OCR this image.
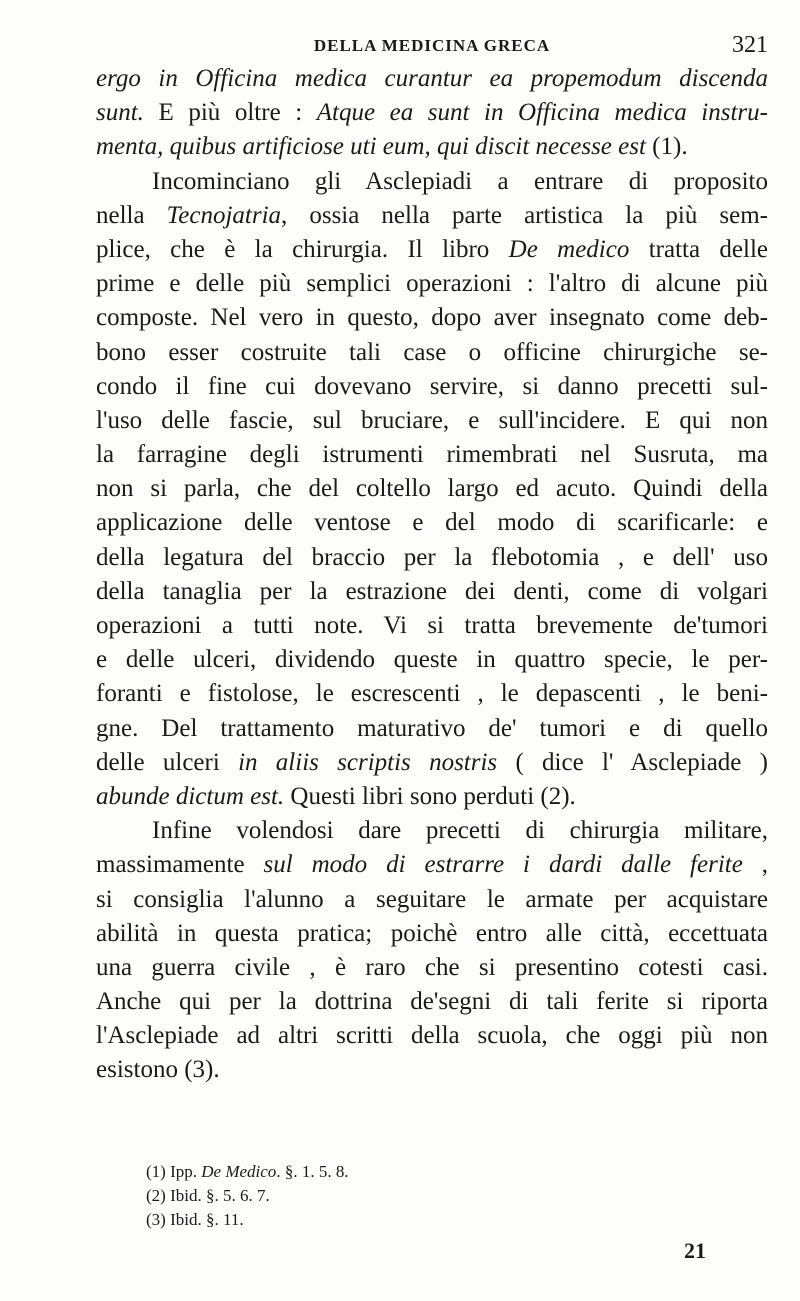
DELLA MEDICINA GRECA	321
ergo in Officina medica curantur ea propemodum discenda
sunt. E più oltre : Atque ea sunt in Officina medica instru-
menta, quibus artificiose uti eum, qui discit necesse est (1).
Incominciano gli Asclepiadi a entrare di proposito
nella Tecnojatria, ossia nella parte artistica la più sem-
plice, che è la chirurgia. Il libro De medico tratta delle
prime e delle più semplici operazioni : l'altro di alcune più
composte. Nel vero in questo, dopo aver insegnato come deb-
bono esser costruite tali case o officine chirurgiche se-
condo il fine cui dovevano servire, si danno precetti sul-
l'uso delle fascie, sul bruciare, e sull'incidere. E qui non
la farragine degli istrumenti rimembrati nel Susruta, ma
non si parla, che del coltello largo ed acuto. Quindi della
applicazione delle ventose e del modo di scarificarle: e
della legatura del braccio per la flebotomia , e dell' uso
della tanaglia per la estrazione dei denti, come di volgari
operazioni a tutti note. Vi si tratta brevemente de'tumori
e delle ulceri, dividendo queste in quattro specie, le per-
foranti e fistolose, le escrescenti , le depascenti , le beni-
gne. Del trattamento maturativo de' tumori e di quello
delle ulceri in aliis scriptis nostris ( dice l' Asclepiade )
abunde dictum est. Questi libri sono perduti (2).
Infine volendosi dare precetti di chirurgia militare,
massimamente sul modo di estrarre i dardi dalle ferite ,
si consiglia l'alunno a seguitare le armate per acquistare
abilità in questa pratica; poichè entro alle città, eccettuata
una guerra civile , è raro che si presentino cotesti casi.
Anche qui per la dottrina de'segni di tali ferite si riporta
l'Asclepiade ad altri scritti della scuola, che oggi più non
esistono (3).
(1) Ipp. De Medico. §. 1. 5. 8.
(2) Ibid. §. 5. 6. 7.
(3) Ibid. §. 11.
21
